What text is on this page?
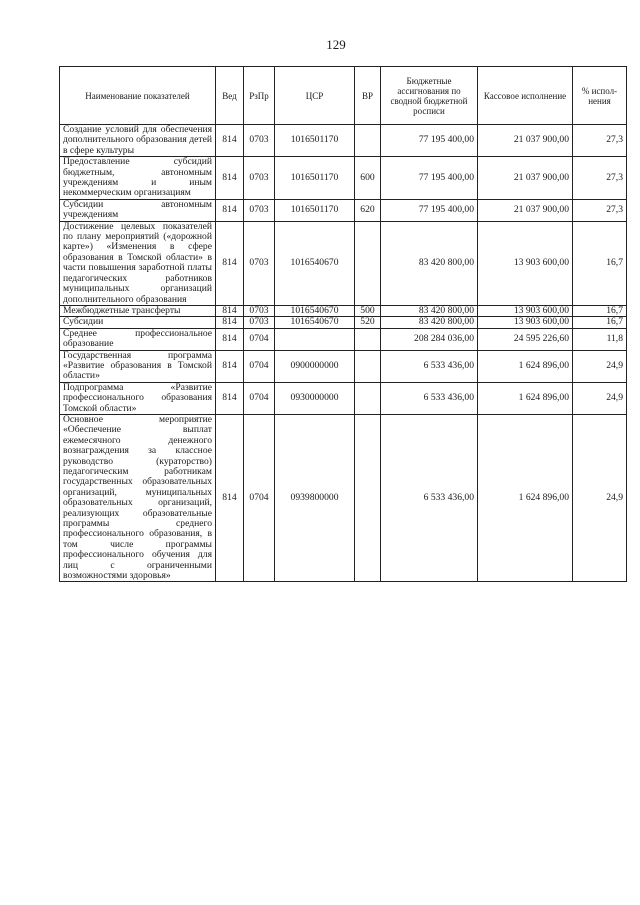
129
Наименование показателей	Вед	РзПр	ЦСР	ВР	Бюджетные ассигнования по сводной бюджетной росписи	Кассовое исполнение	% испол-нения
Создание условий для обеспечения дополнительного образования детей в сфере культуры	814	0703	1016501170		77 195 400,00	21 037 900,00	27,3
Предоставление субсидий бюджетным, автономным учреждениям и иным некоммерческим организациям	814	0703	1016501170	600	77 195 400,00	21 037 900,00	27,3
Субсидии автономным учреждениям	814	0703	1016501170	620	77 195 400,00	21 037 900,00	27,3
Достижение целевых показателей по плану мероприятий («дорожной карте») «Изменения в сфере образования в Томской области» в части повышения заработной платы педагогических работников муниципальных организаций дополнительного образования	814	0703	1016540670		83 420 800,00	13 903 600,00	16,7
Межбюджетные трансферты	814	0703	1016540670	500	83 420 800,00	13 903 600,00	16,7
Субсидии	814	0703	1016540670	520	83 420 800,00	13 903 600,00	16,7
Среднее профессиональное образование	814	0704			208 284 036,00	24 595 226,60	11,8
Государственная программа «Развитие образования в Томской области»	814	0704	0900000000		6 533 436,00	1 624 896,00	24,9
Подпрограмма «Развитие профессионального образования Томской области»	814	0704	0930000000		6 533 436,00	1 624 896,00	24,9
Основное мероприятие «Обеспечение выплат ежемесячного денежного вознаграждения за классное руководство (кураторство) педагогическим работникам государственных образовательных организаций, муниципальных образовательных организаций, реализующих образовательные программы среднего профессионального образования, в том числе программы профессионального обучения для лиц с ограниченными возможностями здоровья»	814	0704	0939800000		6 533 436,00	1 624 896,00	24,9
